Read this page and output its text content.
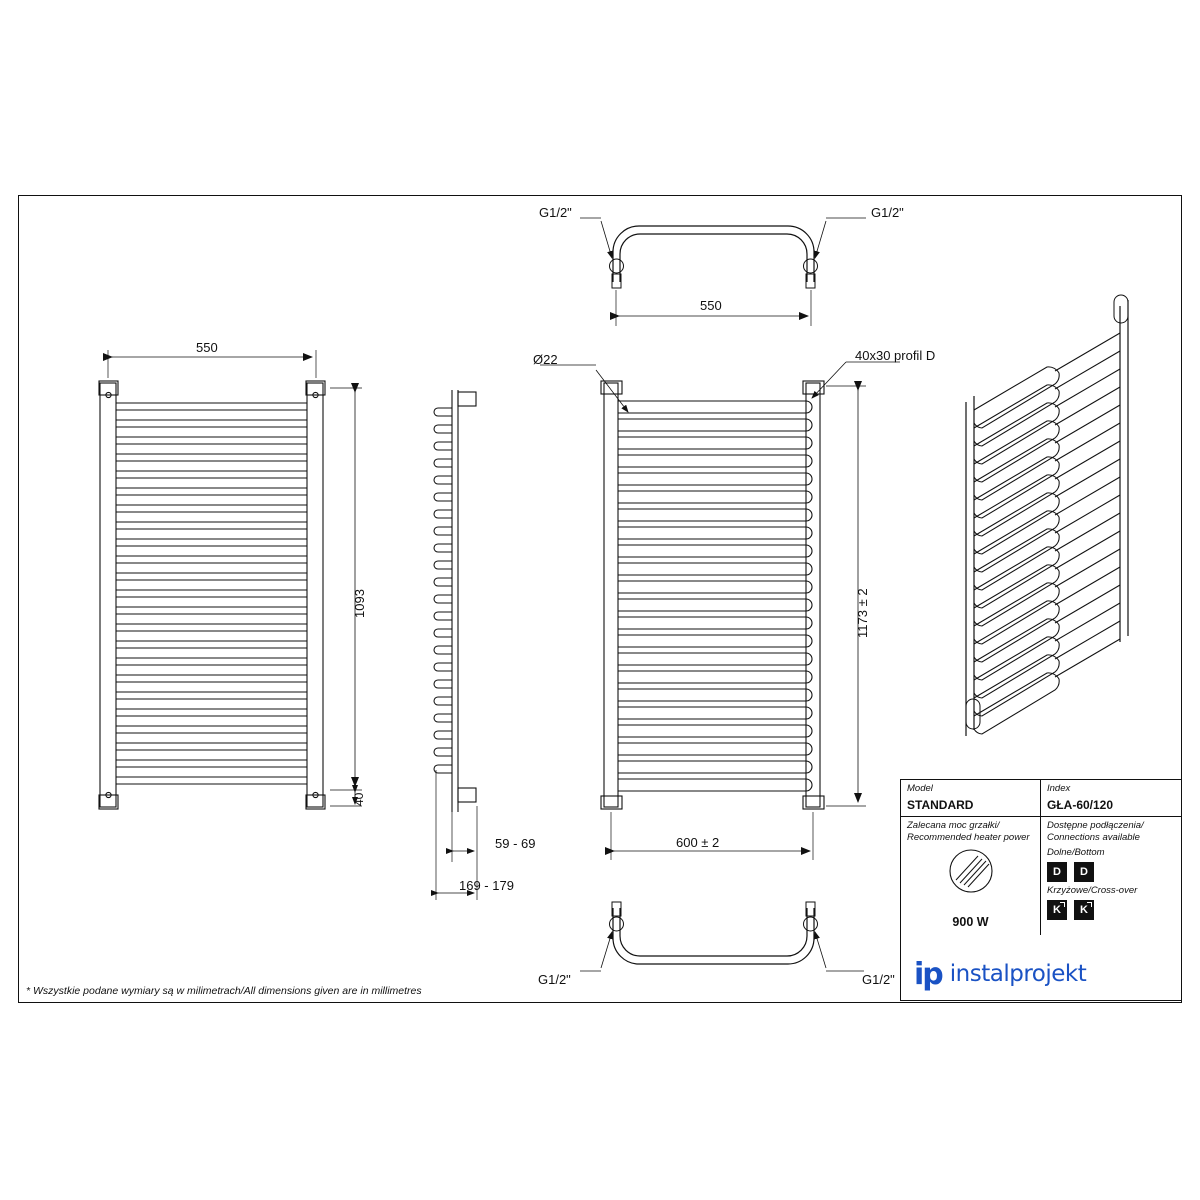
550
1093
40
59 - 69
169 - 179
Ø22	40x30 profil D
1173 ± 2
600 ± 2
550
G1/2"	G1/2"
G1/2"	G1/2"
* Wszystkie podane wymiary są w milimetrach/All dimensions given are in millimetres
Model
STANDARD
Index
GŁA-60/120
Zalecana moc grzałki/
Recommended heater power
900 W
Dostępne podłączenia/
Connections available
Dolne/Bottom
D	D
Krzyżowe/Cross-over
K	K
ip instalprojekt
